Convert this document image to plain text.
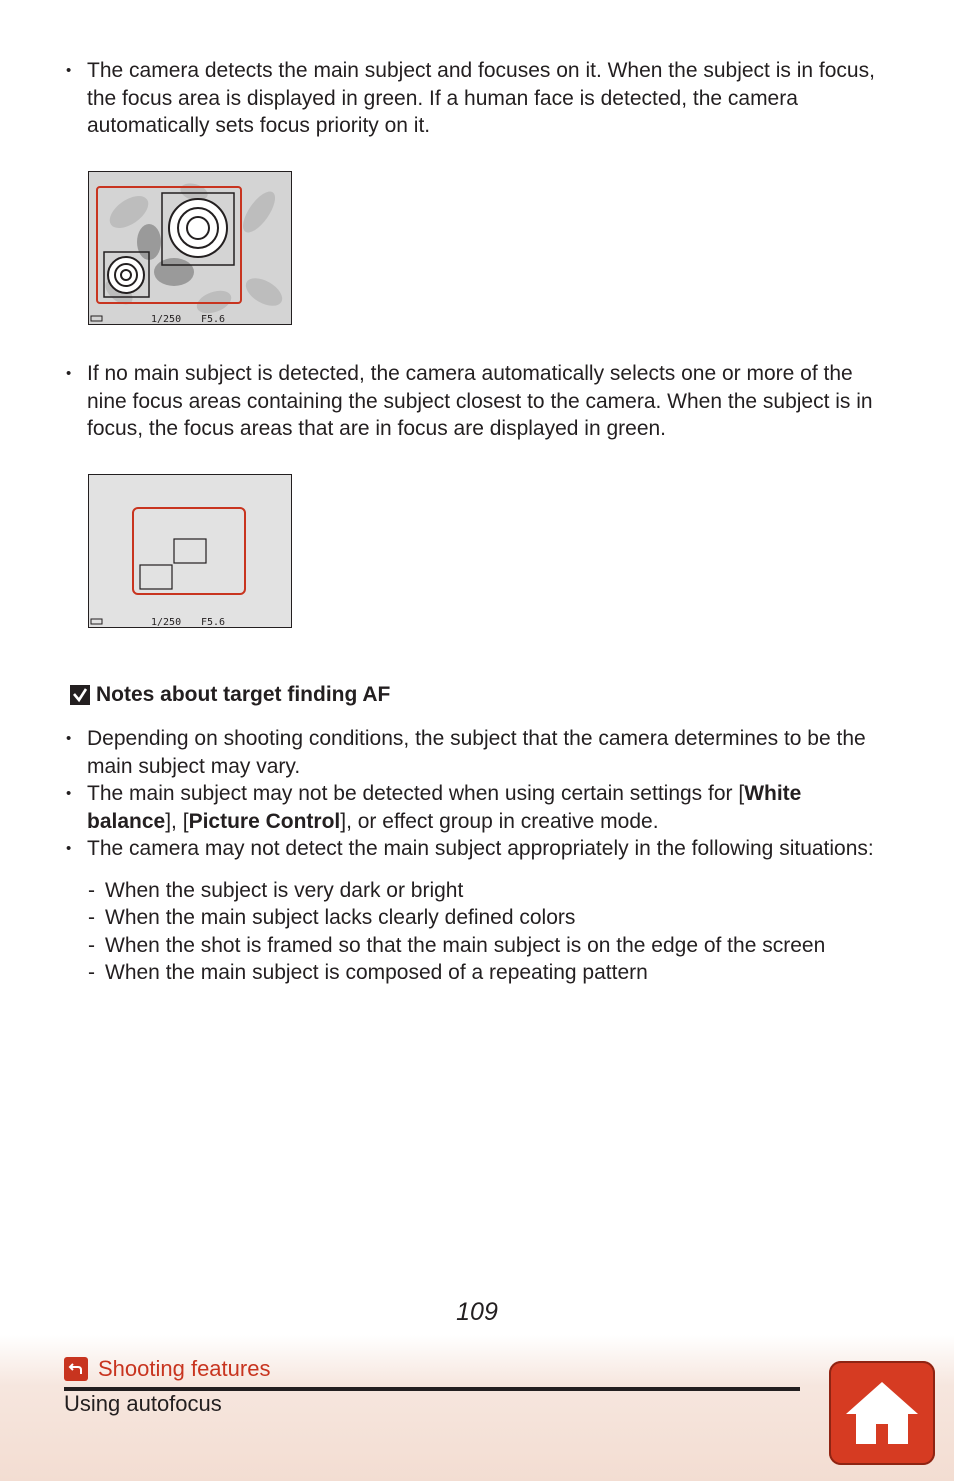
• The camera detects the main subject and focuses on it. When the subject is in focus, the focus area is displayed in green. If a human face is detected, the camera automatically sets focus priority on it.

1/250 F5.6

• If no main subject is detected, the camera automatically selects one or more of the nine focus areas containing the subject closest to the camera. When the subject is in focus, the focus areas that are in focus are displayed in green.

1/250 F5.6
Notes about target finding AF

• Depending on shooting conditions, the subject that the camera determines to be the main subject may vary.

• The main subject may not be detected when using certain settings for [White balance], [Picture Control], or effect group in creative mode.

• The camera may not detect the main subject appropriately in the following situations:

- When the subject is very dark or bright

- When the main subject lacks clearly defined colors

- When the shot is framed so that the main subject is on the edge of the screen

- When the main subject is composed of a repeating pattern

109
Shooting features
Using autofocus
